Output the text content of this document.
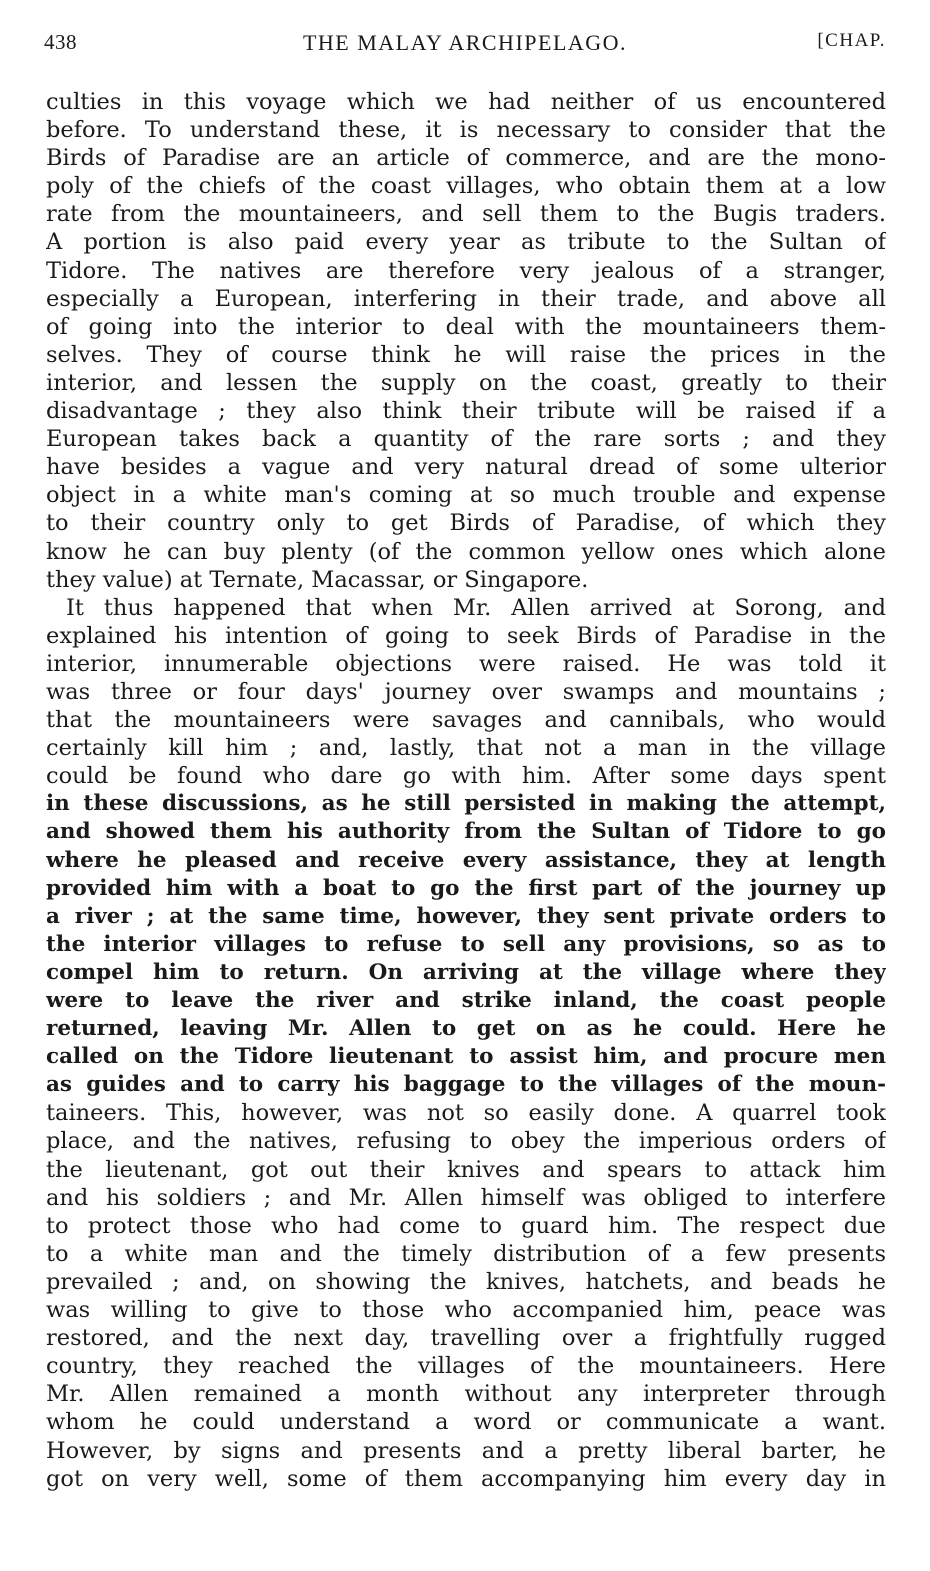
438	THE MALAY ARCHIPELAGO.	[CHAP.
culties in this voyage which we had neither of us encountered
before. To understand these, it is necessary to consider that the
Birds of Paradise are an article of commerce, and are the mono-
poly of the chiefs of the coast villages, who obtain them at a low
rate from the mountaineers, and sell them to the Bugis traders.
A portion is also paid every year as tribute to the Sultan of
Tidore. The natives are therefore very jealous of a stranger,
especially a European, interfering in their trade, and above all
of going into the interior to deal with the mountaineers them-
selves. They of course think he will raise the prices in the
interior, and lessen the supply on the coast, greatly to their
disadvantage ; they also think their tribute will be raised if a
European takes back a quantity of the rare sorts ; and they
have besides a vague and very natural dread of some ulterior
object in a white man's coming at so much trouble and expense
to their country only to get Birds of Paradise, of which they
know he can buy plenty (of the common yellow ones which alone
they value) at Ternate, Macassar, or Singapore.
It thus happened that when Mr. Allen arrived at Sorong, and
explained his intention of going to seek Birds of Paradise in the
interior, innumerable objections were raised. He was told it
was three or four days' journey over swamps and mountains ;
that the mountaineers were savages and cannibals, who would
certainly kill him ; and, lastly, that not a man in the village
could be found who dare go with him. After some days spent
in these discussions, as he still persisted in making the attempt,
and showed them his authority from the Sultan of Tidore to go
where he pleased and receive every assistance, they at length
provided him with a boat to go the first part of the journey up
a river ; at the same time, however, they sent private orders to
the interior villages to refuse to sell any provisions, so as to
compel him to return. On arriving at the village where they
were to leave the river and strike inland, the coast people
returned, leaving Mr. Allen to get on as he could. Here he
called on the Tidore lieutenant to assist him, and procure men
as guides and to carry his baggage to the villages of the moun-
taineers. This, however, was not so easily done. A quarrel took
place, and the natives, refusing to obey the imperious orders of
the lieutenant, got out their knives and spears to attack him
and his soldiers ; and Mr. Allen himself was obliged to interfere
to protect those who had come to guard him. The respect due
to a white man and the timely distribution of a few presents
prevailed ; and, on showing the knives, hatchets, and beads he
was willing to give to those who accompanied him, peace was
restored, and the next day, travelling over a frightfully rugged
country, they reached the villages of the mountaineers. Here
Mr. Allen remained a month without any interpreter through
whom he could understand a word or communicate a want.
However, by signs and presents and a pretty liberal barter, he
got on very well, some of them accompanying him every day in
